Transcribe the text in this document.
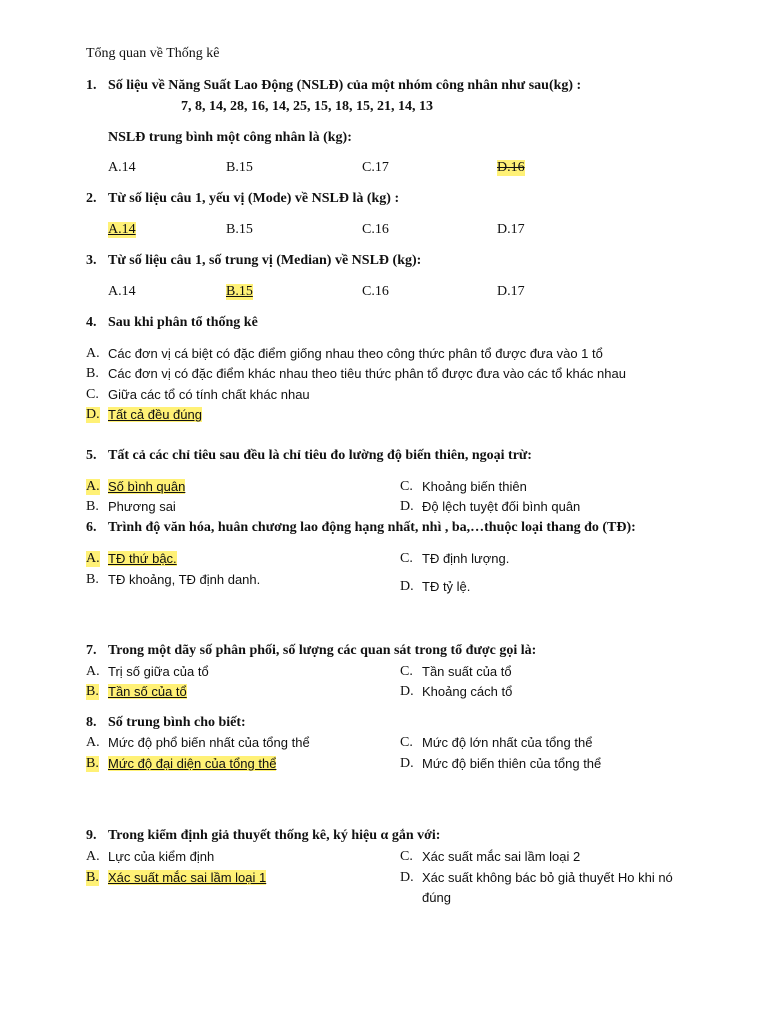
Tổng quan về Thống kê
1. Số liệu về Năng Suất Lao Động (NSLĐ) của một nhóm công nhân như sau(kg) :
7, 8, 14, 28, 16, 14, 25, 15, 18, 15, 21, 14, 13
NSLĐ trung bình một công nhân là (kg):
A.14	B.15	C.17	D.16
2. Từ số liệu câu 1, yếu vị (Mode) về NSLĐ là (kg) :
A.14	B.15	C.16	D.17
3. Từ số liệu câu 1, số trung vị (Median) về NSLĐ (kg):
A.14	B.15	C.16	D.17
4. Sau khi phân tổ thống kê
A. Các đơn vị cá biệt có đặc điểm giống nhau theo công thức phân tổ được đưa vào 1 tổ
B. Các đơn vị có đặc điểm khác nhau theo tiêu thức phân tổ được đưa vào các tổ khác nhau
C. Giữa các tổ có tính chất khác nhau
D. Tất cả đều đúng
5. Tất cả các chỉ tiêu sau đều là chỉ tiêu đo lường độ biến thiên, ngoại trừ:
A. Số bình quân	C. Khoảng biến thiên
B. Phương sai	D. Độ lệch tuyệt đối bình quân
6. Trình độ văn hóa, huân chương lao động hạng nhất, nhì , ba,…thuộc loại thang đo (TĐ):
A. TĐ thứ bậc.	C. TĐ định lượng.
B. TĐ khoảng, TĐ định danh.	D. TĐ tỷ lệ.
7. Trong một dãy số phân phối, số lượng các quan sát trong tổ được gọi là:
A. Trị số giữa của tổ	C. Tần suất của tổ
B. Tần số của tổ	D. Khoảng cách tổ
8. Số trung bình cho biết:
A. Mức độ phổ biến nhất của tổng thể	C. Mức độ lớn nhất của tổng thể
B. Mức độ đại diện của tổng thể	D. Mức độ biến thiên của tổng thể
9. Trong kiểm định giả thuyết thống kê, ký hiệu α gắn với:
A. Lực của kiểm định	C. Xác suất mắc sai lầm loại 2
B. Xác suất mắc sai lầm loại 1	D. Xác suất không bác bỏ giả thuyết Ho khi nó
đúng
